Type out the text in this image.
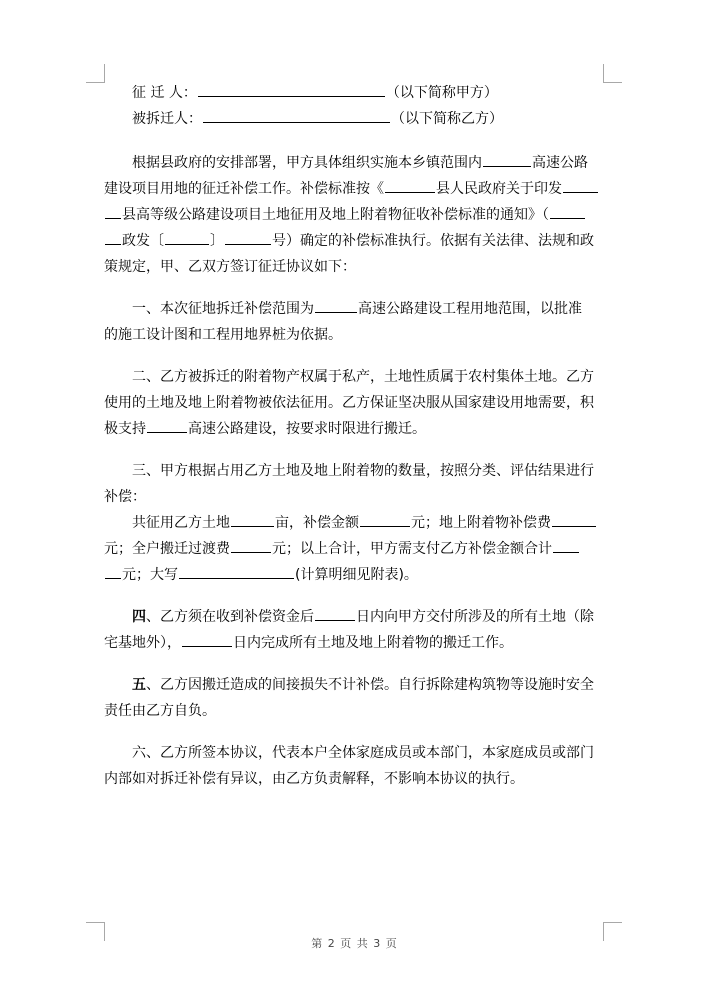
征 迁 人：	（以下简称甲方）
被拆迁人：	（以下简称乙方）
根据县政府的安排部署，甲方具体组织实施本乡镇范围内	高速公路
建设项目用地的征迁补偿工作。补偿标准按《	县人民政府关于印发
县高等级公路建设项目土地征用及地上附着物征收补偿标准的通知》（
政发〔	〕	号）确定的补偿标准执行。依据有关法律、法规和政
策规定，甲、乙双方签订征迁协议如下：
一、本次征地拆迁补偿范围为	高速公路建设工程用地范围，以批准
的施工设计图和工程用地界桩为依据。
二、乙方被拆迁的附着物产权属于私产，土地性质属于农村集体土地。乙方
使用的土地及地上附着物被依法征用。乙方保证坚决服从国家建设用地需要，积
极支持	高速公路建设，按要求时限进行搬迁。
三、甲方根据占用乙方土地及地上附着物的数量，按照分类、评估结果进行
补偿：
共征用乙方土地	亩，补偿金额	元；地上附着物补偿费
元；全户搬迁过渡费	元；以上合计，甲方需支付乙方补偿金额合计
元；大写	(计算明细见附表)。
四、乙方须在收到补偿资金后	日内向甲方交付所涉及的所有土地（除
宅基地外），	日内完成所有土地及地上附着物的搬迁工作。
五、乙方因搬迁造成的间接损失不计补偿。自行拆除建构筑物等设施时安全
责任由乙方自负。
六、乙方所签本协议，代表本户全体家庭成员或本部门，本家庭成员或部门
内部如对拆迁补偿有异议，由乙方负责解释，不影响本协议的执行。
第 2 页 共 3 页
